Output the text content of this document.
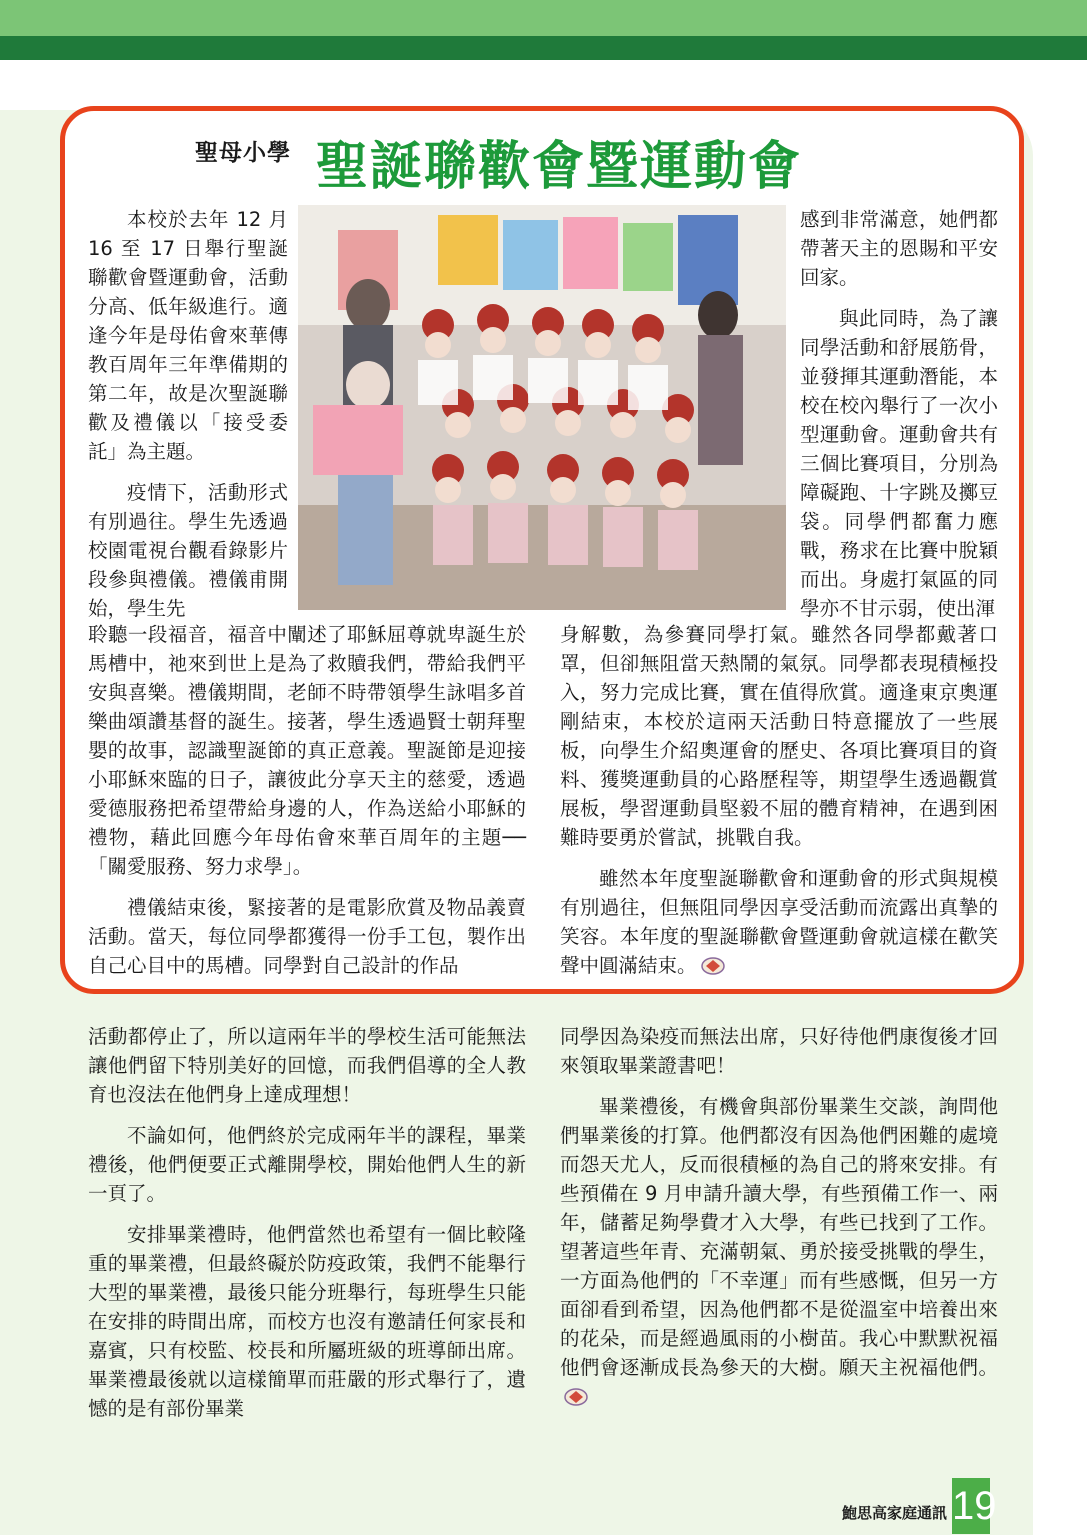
聖母小學 聖誕聯歡會暨運動會

本校於去年 12 月 16 至 17 日舉行聖誕聯歡會暨運動會，活動分高、低年級進行。適逢今年是母佑會來華傳教百周年三年準備期的第二年，故是次聖誕聯歡及禮儀以「接受委託」為主題。

疫情下，活動形式有別過往。學生先透過校園電視台觀看錄影片段參與禮儀。禮儀甫開始，學生先

感到非常滿意，她們都帶著天主的恩賜和平安回家。

與此同時，為了讓同學活動和舒展筋骨，並發揮其運動潛能，本校在校內舉行了一次小型運動會。運動會共有三個比賽項目，分別為障礙跑、十字跳及擲豆袋。同學們都奮力應戰，務求在比賽中脫穎而出。身處打氣區的同學亦不甘示弱，使出渾

聆聽一段福音，福音中闡述了耶穌屈尊就卑誕生於馬槽中，祂來到世上是為了救贖我們，帶給我們平安與喜樂。禮儀期間，老師不時帶領學生詠唱多首樂曲頌讚基督的誕生。接著，學生透過賢士朝拜聖嬰的故事，認識聖誕節的真正意義。聖誕節是迎接小耶穌來臨的日子，讓彼此分享天主的慈愛，透過愛德服務把希望帶給身邊的人，作為送給小耶穌的禮物，藉此回應今年母佑會來華百周年的主題──「關愛服務、努力求學」。

禮儀結束後，緊接著的是電影欣賞及物品義賣活動。當天，每位同學都獲得一份手工包，製作出自己心目中的馬槽。同學對自己設計的作品

身解數，為參賽同學打氣。雖然各同學都戴著口罩，但卻無阻當天熱鬧的氣氛。同學都表現積極投入，努力完成比賽，實在值得欣賞。適逢東京奧運剛結束，本校於這兩天活動日特意擺放了一些展板，向學生介紹奧運會的歷史、各項比賽項目的資料、獲獎運動員的心路歷程等，期望學生透過觀賞展板，學習運動員堅毅不屈的體育精神，在遇到困難時要勇於嘗試，挑戰自我。

雖然本年度聖誕聯歡會和運動會的形式與規模有別過往，但無阻同學因享受活動而流露出真摯的笑容。本年度的聖誕聯歡會暨運動會就這樣在歡笑聲中圓滿結束。

活動都停止了，所以這兩年半的學校生活可能無法讓他們留下特別美好的回憶，而我們倡導的全人教育也沒法在他們身上達成理想！

不論如何，他們終於完成兩年半的課程，畢業禮後，他們便要正式離開學校，開始他們人生的新一頁了。

安排畢業禮時，他們當然也希望有一個比較隆重的畢業禮，但最終礙於防疫政策，我們不能舉行大型的畢業禮，最後只能分班舉行，每班學生只能在安排的時間出席，而校方也沒有邀請任何家長和嘉賓，只有校監、校長和所屬班級的班導師出席。畢業禮最後就以這樣簡單而莊嚴的形式舉行了，遺憾的是有部份畢業

同學因為染疫而無法出席，只好待他們康復後才回來領取畢業證書吧！

畢業禮後，有機會與部份畢業生交談，詢問他們畢業後的打算。他們都沒有因為他們困難的處境而怨天尤人，反而很積極的為自己的將來安排。有些預備在 9 月申請升讀大學，有些預備工作一、兩年，儲蓄足夠學費才入大學，有些已找到了工作。望著這些年青、充滿朝氣、勇於接受挑戰的學生，一方面為他們的「不幸運」而有些感慨，但另一方面卻看到希望，因為他們都不是從溫室中培養出來的花朵，而是經過風雨的小樹苗。我心中默默祝福他們會逐漸成長為參天的大樹。願天主祝福他們。

鮑思高家庭通訊 19
